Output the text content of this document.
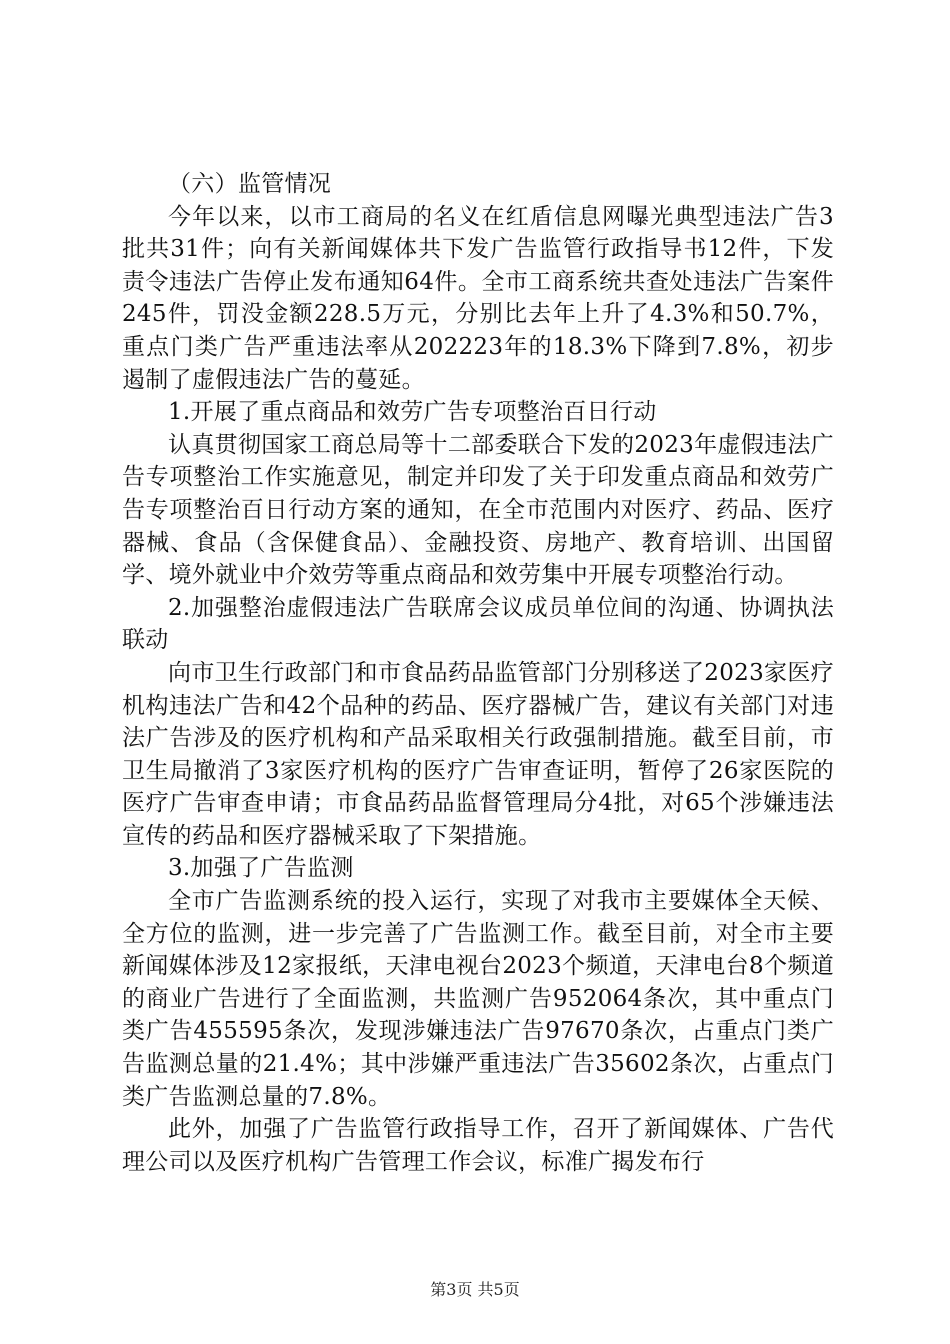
（六）监管情况

今年以来，以市工商局的名义在红盾信息网曝光典型违法广告3批共31件；向有关新闻媒体共下发广告监管行政指导书12件，下发责令违法广告停止发布通知64件。全市工商系统共查处违法广告案件245件，罚没金额228.5万元，分别比去年上升了4.3%和50.7%，重点门类广告严重违法率从202223年的18.3%下降到7.8%，初步遏制了虚假违法广告的蔓延。

1.开展了重点商品和效劳广告专项整治百日行动

认真贯彻国家工商总局等十二部委联合下发的2023年虚假违法广告专项整治工作实施意见，制定并印发了关于印发重点商品和效劳广告专项整治百日行动方案的通知，在全市范围内对医疗、药品、医疗器械、食品（含保健食品）、金融投资、房地产、教育培训、出国留学、境外就业中介效劳等重点商品和效劳集中开展专项整治行动。

2.加强整治虚假违法广告联席会议成员单位间的沟通、协调执法联动

向市卫生行政部门和市食品药品监管部门分别移送了2023家医疗机构违法广告和42个品种的药品、医疗器械广告，建议有关部门对违法广告涉及的医疗机构和产品采取相关行政强制措施。截至目前，市卫生局撤消了3家医疗机构的医疗广告审查证明，暂停了26家医院的医疗广告审查申请；市食品药品监督管理局分4批，对65个涉嫌违法宣传的药品和医疗器械采取了下架措施。

3.加强了广告监测

全市广告监测系统的投入运行，实现了对我市主要媒体全天候、全方位的监测，进一步完善了广告监测工作。截至目前，对全市主要新闻媒体涉及12家报纸，天津电视台2023个频道，天津电台8个频道的商业广告进行了全面监测，共监测广告952064条次，其中重点门类广告455595条次，发现涉嫌违法广告97670条次，占重点门类广告监测总量的21.4%；其中涉嫌严重违法广告35602条次，占重点门类广告监测总量的7.8%。

此外，加强了广告监管行政指导工作，召开了新闻媒体、广告代理公司以及医疗机构广告管理工作会议，标准广揭发布行

第3页 共5页
